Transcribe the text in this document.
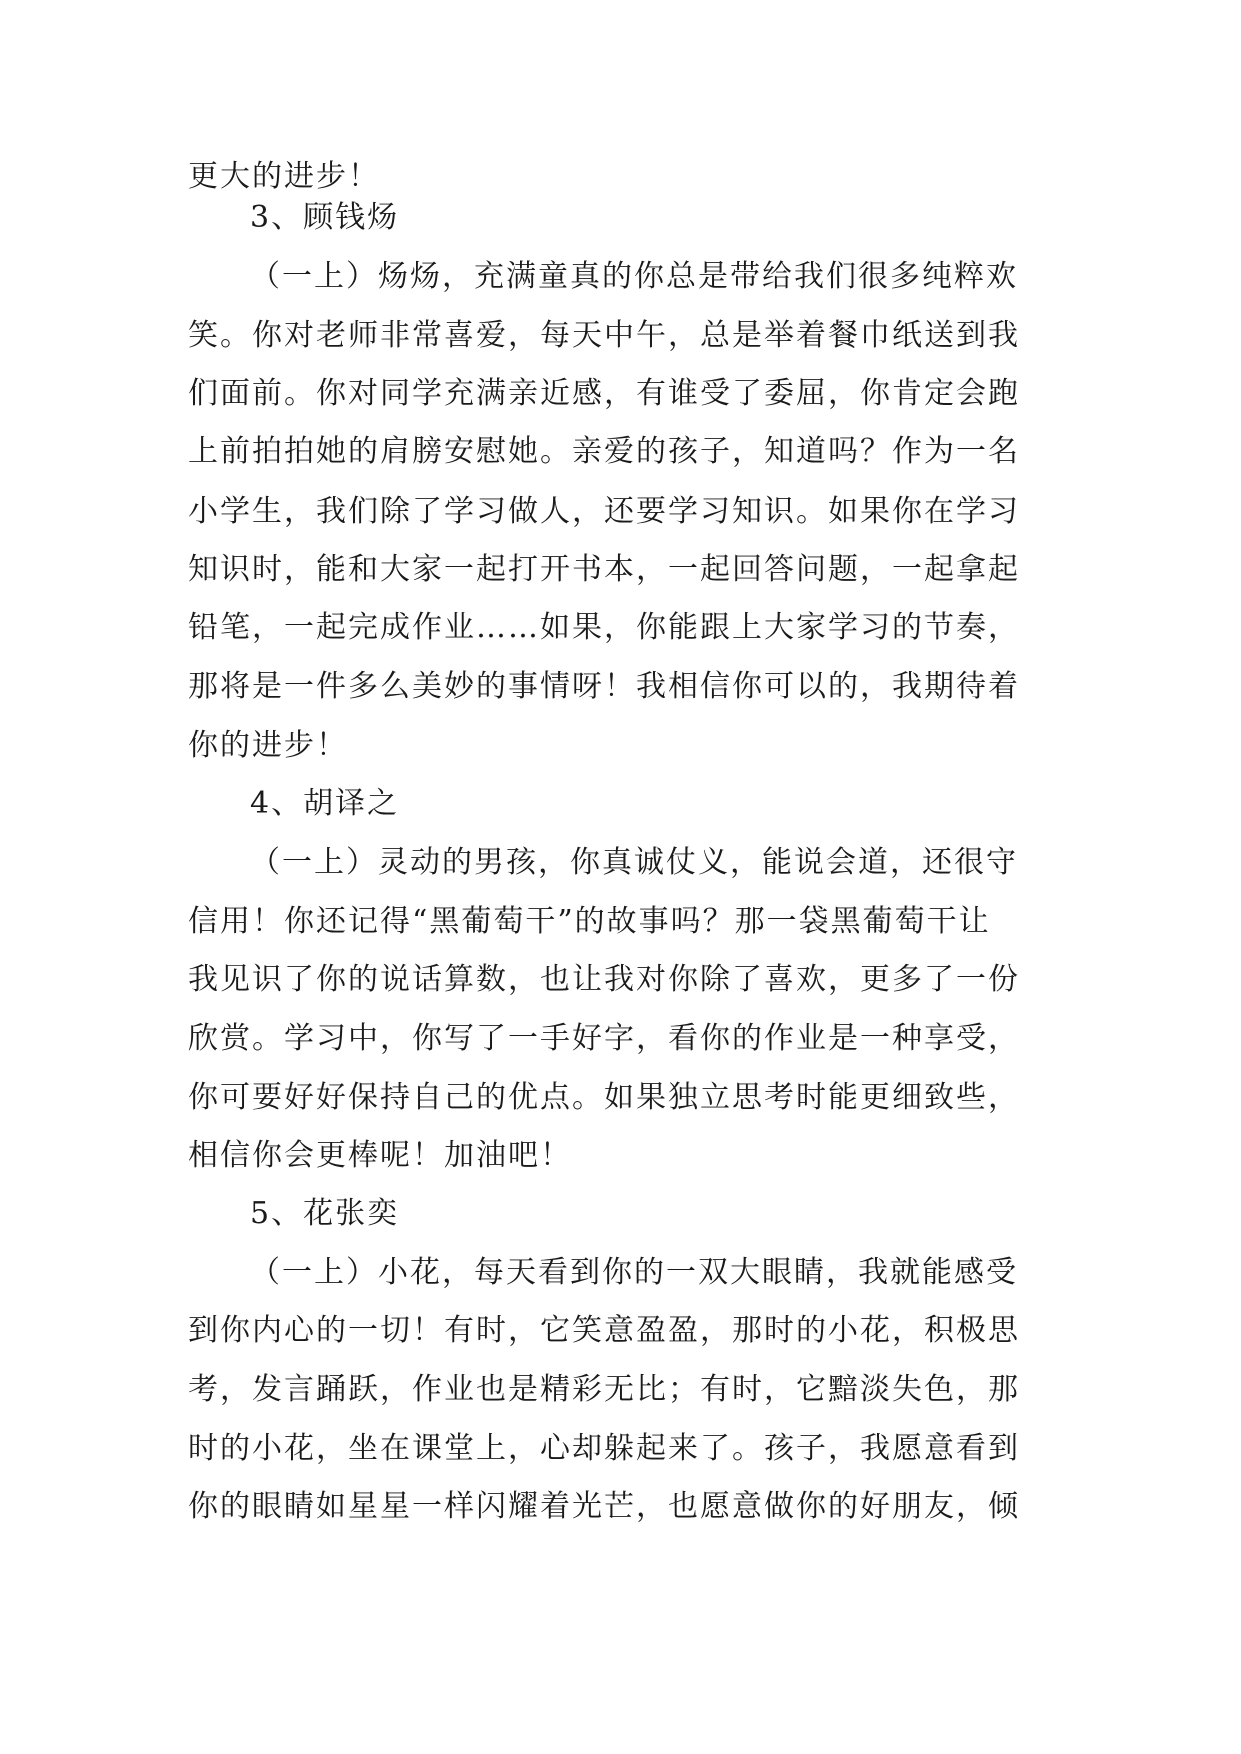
更大的进步！

3、顾钱炀

（一上）炀炀，充满童真的你总是带给我们很多纯粹欢

笑。你对老师非常喜爱，每天中午，总是举着餐巾纸送到我

们面前。你对同学充满亲近感，有谁受了委屈，你肯定会跑

上前拍拍她的肩膀安慰她。亲爱的孩子，知道吗？作为一名

小学生，我们除了学习做人，还要学习知识。如果你在学习

知识时，能和大家一起打开书本，一起回答问题，一起拿起

铅笔，一起完成作业……如果，你能跟上大家学习的节奏，

那将是一件多么美妙的事情呀！我相信你可以的，我期待着

你的进步！

4、胡译之

（一上）灵动的男孩，你真诚仗义，能说会道，还很守

信用！你还记得“黑葡萄干”的故事吗？那一袋黑葡萄干让

我见识了你的说话算数，也让我对你除了喜欢，更多了一份

欣赏。学习中，你写了一手好字，看你的作业是一种享受，

你可要好好保持自己的优点。如果独立思考时能更细致些，

相信你会更棒呢！加油吧！

5、花张奕

（一上）小花，每天看到你的一双大眼睛，我就能感受

到你内心的一切！有时，它笑意盈盈，那时的小花，积极思

考，发言踊跃，作业也是精彩无比；有时，它黯淡失色，那

时的小花，坐在课堂上，心却躲起来了。孩子，我愿意看到

你的眼睛如星星一样闪耀着光芒，也愿意做你的好朋友，倾
